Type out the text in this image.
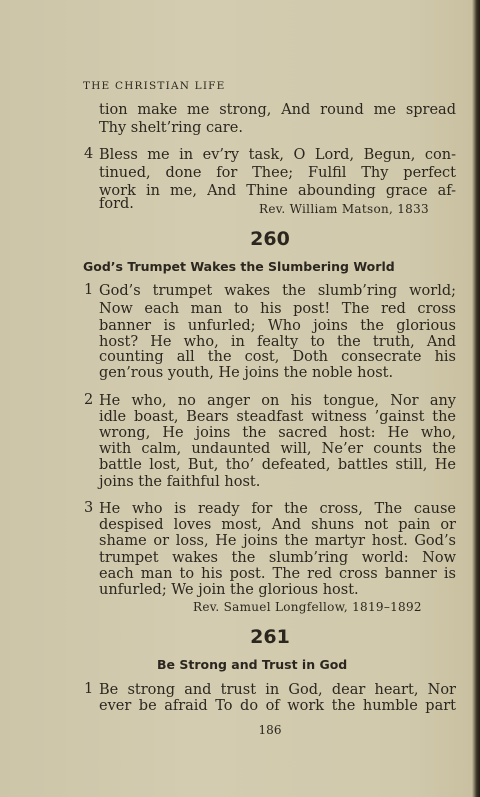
THE CHRISTIAN LIFE
tion make me strong, And round me spread
Thy shelt’ring care.
4 Bless me in ev’ry task, O Lord, Begun, con-
tinued, done for Thee; Fulfil Thy perfect
work in me, And Thine abounding grace af-
ford.	Rev. William Matson, 1833
260
God’s Trumpet Wakes the Slumbering World
1 God’s trumpet wakes the slumb’ring world;
Now each man to his post! The red cross
banner is unfurled; Who joins the glorious
host? He who, in fealty to the truth, And
counting all the cost, Doth consecrate his
gen’rous youth, He joins the noble host.
2 He who, no anger on his tongue, Nor any
idle boast, Bears steadfast witness ’gainst the
wrong, He joins the sacred host: He who,
with calm, undaunted will, Ne’er counts the
battle lost, But, tho’ defeated, battles still, He
joins the faithful host.
3 He who is ready for the cross, The cause
despised loves most, And shuns not pain or
shame or loss, He joins the martyr host. God’s
trumpet wakes the slumb’ring world: Now
each man to his post. The red cross banner is
unfurled; We join the glorious host.
Rev. Samuel Longfellow, 1819–1892
261
Be Strong and Trust in God
1 Be strong and trust in God, dear heart, Nor
ever be afraid To do of work the humble part
186
